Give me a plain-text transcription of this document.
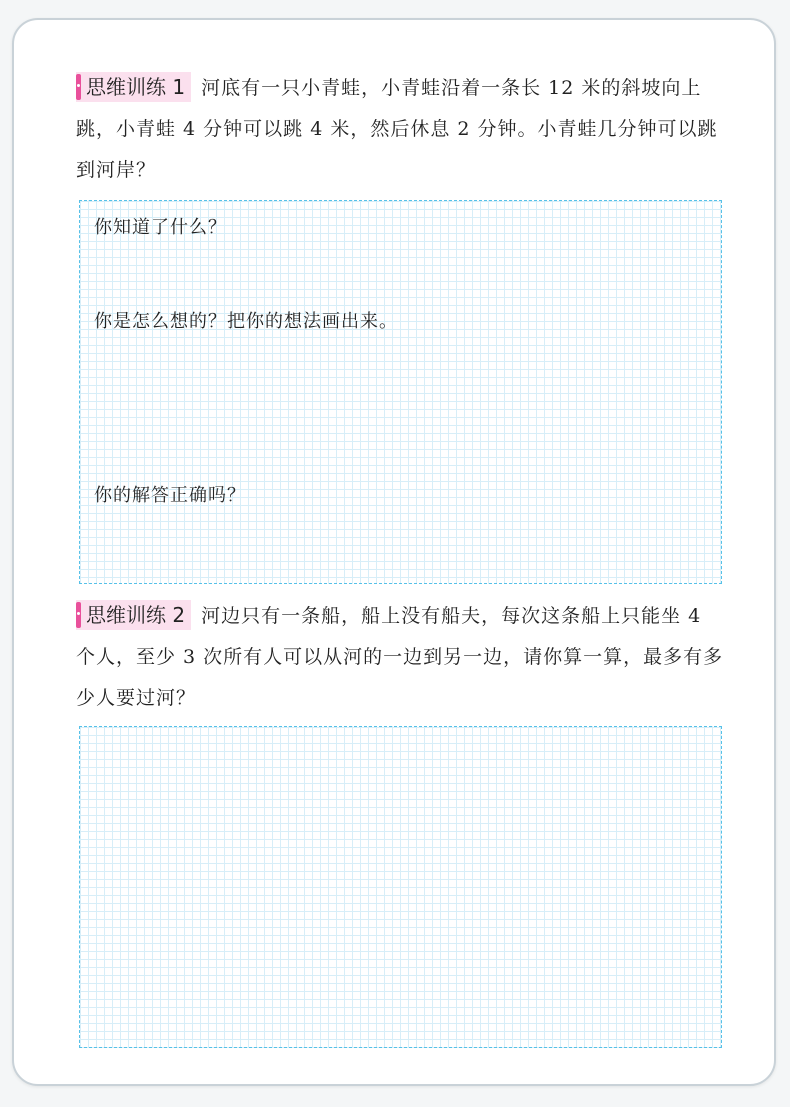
思维训练 1 河底有一只小青蛙，小青蛙沿着一条长 12 米的斜坡向上跳，小青蛙 4 分钟可以跳 4 米，然后休息 2 分钟。小青蛙几分钟可以跳到河岸？
你知道了什么？
你是怎么想的？把你的想法画出来。
你的解答正确吗？
思维训练 2 河边只有一条船，船上没有船夫，每次这条船上只能坐 4 个人，至少 3 次所有人可以从河的一边到另一边，请你算一算，最多有多少人要过河？
